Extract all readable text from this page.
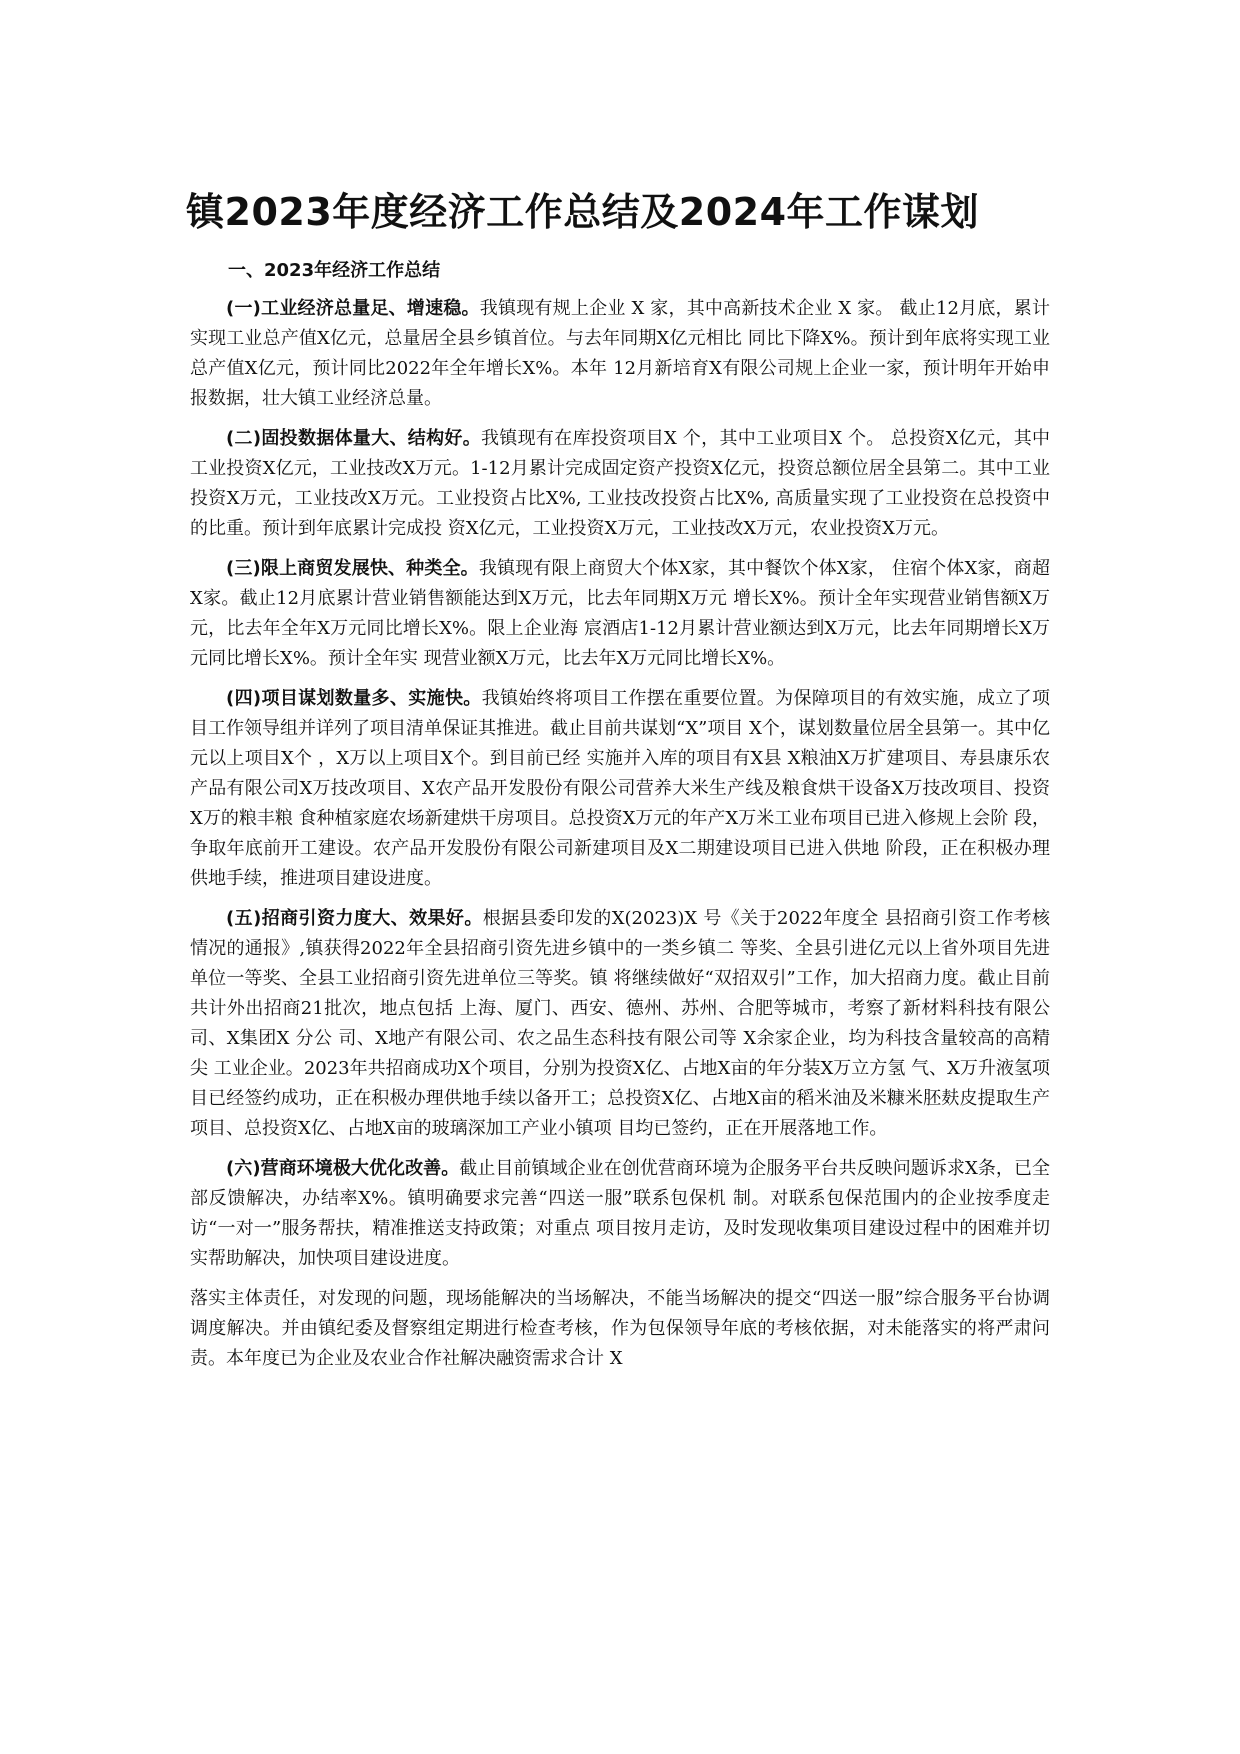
镇2023年度经济工作总结及2024年工作谋划

一、2023年经济工作总结

(一)工业经济总量足、增速稳。我镇现有规上企业 X 家，其中高新技术企业 X 家。 截止12月底，累计实现工业总产值X亿元，总量居全县乡镇首位。与去年同期X亿元相比 同比下降X%。预计到年底将实现工业总产值X亿元，预计同比2022年全年增长X%。本年 12月新培育X有限公司规上企业一家，预计明年开始申报数据，壮大镇工业经济总量。

(二)固投数据体量大、结构好。我镇现有在库投资项目X 个，其中工业项目X 个。 总投资X亿元，其中工业投资X亿元，工业技改X万元。1-12月累计完成固定资产投资X亿元，投资总额位居全县第二。其中工业投资X万元，工业技改X万元。工业投资占比X%, 工业技改投资占比X%, 高质量实现了工业投资在总投资中的比重。预计到年底累计完成投 资X亿元，工业投资X万元，工业技改X万元，农业投资X万元。

(三)限上商贸发展快、种类全。我镇现有限上商贸大个体X家，其中餐饮个体X家， 住宿个体X家，商超 X家。截止12月底累计营业销售额能达到X万元，比去年同期X万元 增长X%。预计全年实现营业销售额X万元，比去年全年X万元同比增长X%。限上企业海 宸酒店1-12月累计营业额达到X万元，比去年同期增长X万元同比增长X%。预计全年实 现营业额X万元，比去年X万元同比增长X%。

(四)项目谋划数量多、实施快。我镇始终将项目工作摆在重要位置。为保障项目的有效实施，成立了项目工作领导组并详列了项目清单保证其推进。截止目前共谋划“X”项目 X个，谋划数量位居全县第一。其中亿元以上项目X个 ，X万以上项目X个。到目前已经 实施并入库的项目有X县 X粮油X万扩建项目、寿县康乐农产品有限公司X万技改项目、X农产品开发股份有限公司营养大米生产线及粮食烘干设备X万技改项目、投资X万的粮丰粮 食种植家庭农场新建烘干房项目。总投资X万元的年产X万米工业布项目已进入修规上会阶 段，争取年底前开工建设。农产品开发股份有限公司新建项目及X二期建设项目已进入供地 阶段，正在积极办理供地手续，推进项目建设进度。

(五)招商引资力度大、效果好。根据县委印发的X(2023)X 号《关于2022年度全 县招商引资工作考核情况的通报》,镇获得2022年全县招商引资先进乡镇中的一类乡镇二 等奖、全县引进亿元以上省外项目先进单位一等奖、全县工业招商引资先进单位三等奖。镇 将继续做好“双招双引”工作，加大招商力度。截止目前共计外出招商21批次，地点包括 上海、厦门、西安、德州、苏州、合肥等城市，考察了新材料科技有限公司、X集团X 分公 司、X地产有限公司、农之品生态科技有限公司等 X余家企业，均为科技含量较高的高精尖 工业企业。2023年共招商成功X个项目，分别为投资X亿、占地X亩的年分装X万立方氢 气、X万升液氢项目已经签约成功，正在积极办理供地手续以备开工；总投资X亿、占地X亩的稻米油及米糠米胚麸皮提取生产项目、总投资X亿、占地X亩的玻璃深加工产业小镇项 目均已签约，正在开展落地工作。

(六)营商环境极大优化改善。截止目前镇域企业在创优营商环境为企服务平台共反映问题诉求X条，已全部反馈解决，办结率X%。镇明确要求完善“四送一服”联系包保机 制。对联系包保范围内的企业按季度走访“一对一”服务帮扶，精准推送支持政策；对重点 项目按月走访，及时发现收集项目建设过程中的困难并切实帮助解决，加快项目建设进度。

落实主体责任，对发现的问题，现场能解决的当场解决，不能当场解决的提交“四送一服”综合服务平台协调调度解决。并由镇纪委及督察组定期进行检查考核，作为包保领导年底的考核依据，对未能落实的将严肃问责。本年度已为企业及农业合作社解决融资需求合计 X
